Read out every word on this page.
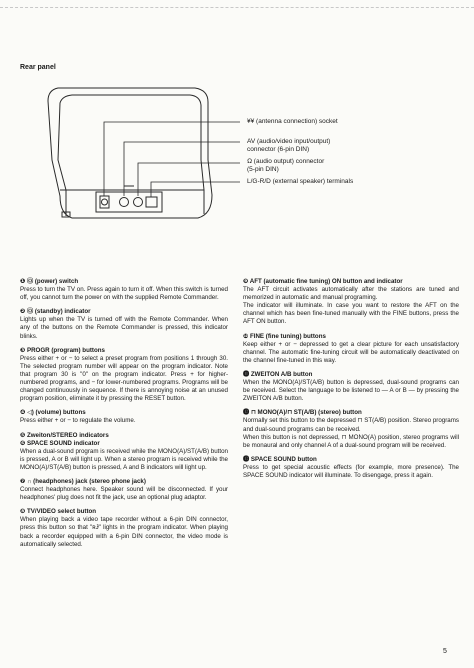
Rear panel
¥¥ (antenna connection) socket
AV (audio/video input/output)
connector (6-pin DIN)
Ω (audio output) connector
(5-pin DIN)
L/G-R/D (external speaker) terminals
❶ Ⓞ (power) switch
Press to turn the TV on. Press again to turn it off. When this switch is turned off, you cannot turn the power on with the supplied Remote Commander.
❷ Ⓞ (standby) indicator
Lights up when the TV is turned off with the Remote Commander. When any of the buttons on the Remote Commander is pressed, this indicator blinks.
❸ PROGR (program) buttons
Press either + or − to select a preset program from positions 1 through 30. The selected program number will appear on the program indicator. Note that program 30 is "0" on the program indicator. Press + for higher-numbered programs, and − for lower-numbered programs. Programs will be changed continuously in sequence. If there is annoying noise at an unused program position, eliminate it by pressing the RESET button.
❹ ◁) (volume) buttons
Press either + or − to regulate the volume.
❺ Zweiton/STEREO indicators
❻ SPACE SOUND indicator
When a dual-sound program is received while the MONO(A)/ST(A/B) button is pressed, A or B will light up. When a stereo program is received while the MONO(A)/ST(A/B) button is pressed, A and B indicators will light up.
❼ ∩ (headphones) jack (stereo phone jack)
Connect headphones here. Speaker sound will be disconnected. If your headphones' plug does not fit the jack, use an optional plug adaptor.
❽ TV/VIDEO select button
When playing back a video tape recorder without a 6-pin DIN connector, press this button so that "ʀɈ" lights in the program indicator. When playing back a recorder equipped with a 6-pin DIN connector, the video mode is automatically selected.
❾ AFT (automatic fine tuning) ON button and indicator
The AFT circuit activates automatically after the stations are tuned and memorized in automatic and manual programing.
The indicator will illuminate. In case you want to restore the AFT on the channel which has been fine-tuned manually with the FINE buttons, press the AFT ON button.
❿ FINE (fine tuning) buttons
Keep either + or − depressed to get a clear picture for each unsatisfactory channel. The automatic fine-tuning circuit will be automatically deactivated on the channel fine-tuned in this way.
⓫ ZWEITON A/B button
When the MONO(A)/ST(A/B) button is depressed, dual-sound programs can be received. Select the language to be listened to — A or B — by pressing the ZWEITON A/B button.
⓬ ⊓ MONO(A)/⊓ ST(A/B) (stereo) button
Normally set this button to the depressed ⊓ ST(A/B) position. Stereo programs and dual-sound programs can be received.
When this button is not depressed, ⊓ MONO(A) position, stereo programs will be monaural and only channel A of a dual-sound program will be received.
⓭ SPACE SOUND button
Press to get special acoustic effects (for example, more presence). The SPACE SOUND indicator will illuminate. To disengage, press it again.
5
